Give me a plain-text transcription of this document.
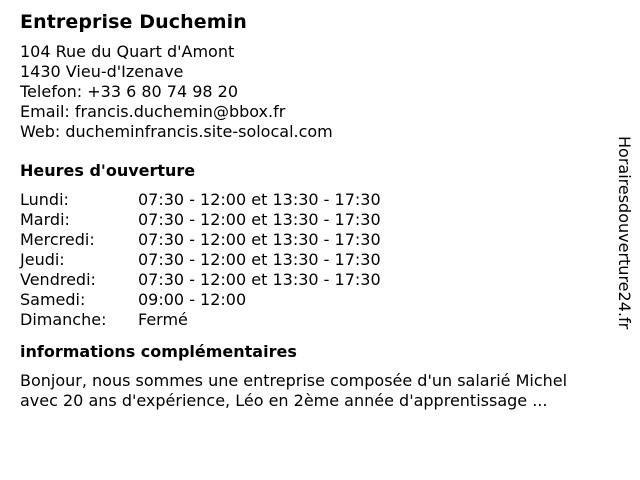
Entreprise Duchemin
104 Rue du Quart d'Amont
1430 Vieu-d'Izenave
Telefon: +33 6 80 74 98 20
Email: francis.duchemin@bbox.fr
Web: ducheminfrancis.site-solocal.com
Heures d'ouverture
Lundi:	07:30 - 12:00 et 13:30 - 17:30
Mardi:	07:30 - 12:00 et 13:30 - 17:30
Mercredi:	07:30 - 12:00 et 13:30 - 17:30
Jeudi:	07:30 - 12:00 et 13:30 - 17:30
Vendredi:	07:30 - 12:00 et 13:30 - 17:30
Samedi:	09:00 - 12:00
Dimanche:	Fermé
informations complémentaires
Bonjour, nous sommes une entreprise composée d'un salarié Michel avec 20 ans d'expérience, Léo en 2ème année d'apprentissage ...
Horairesdouverture24.fr
